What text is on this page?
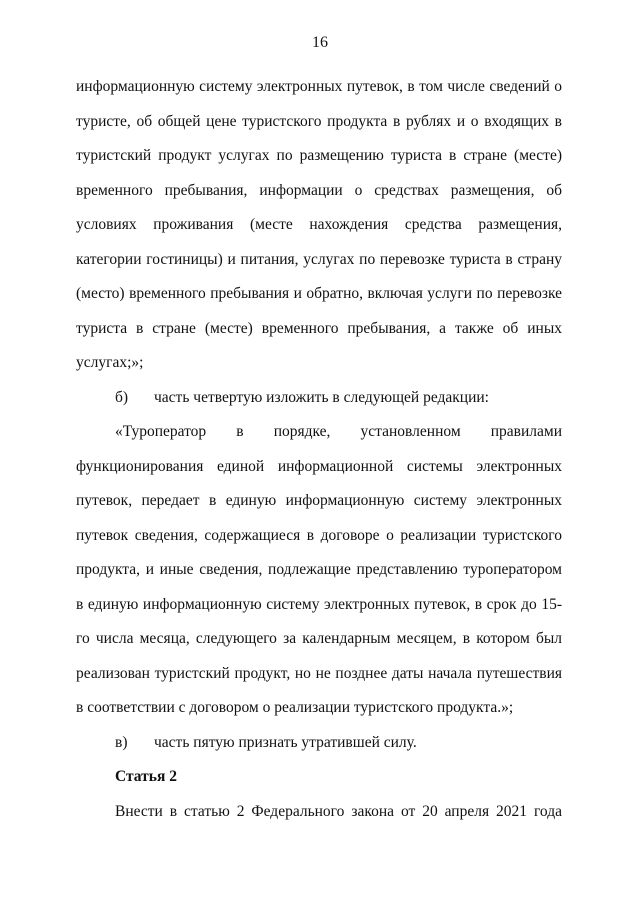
16

информационную систему электронных путевок, в том числе сведений о туристе, об общей цене туристского продукта в рублях и о входящих в туристский продукт услугах по размещению туриста в стране (месте) временного пребывания, информации о средствах размещения, об условиях проживания (месте нахождения средства размещения, категории гостиницы) и питания, услугах по перевозке туриста в страну (место) временного пребывания и обратно, включая услуги по перевозке туриста в стране (месте) временного пребывания, а также об иных услугах;»;

б)	часть четвертую изложить в следующей редакции:

«Туроператор в порядке, установленном правилами функционирования единой информационной системы электронных путевок, передает в единую информационную систему электронных путевок сведения, содержащиеся в договоре о реализации туристского продукта, и иные сведения, подлежащие представлению туроператором в единую информационную систему электронных путевок, в срок до 15-го числа месяца, следующего за календарным месяцем, в котором был реализован туристский продукт, но не позднее даты начала путешествия в соответствии с договором о реализации туристского продукта.»;

в)	часть пятую признать утратившей силу.

Статья 2

Внести в статью 2 Федерального закона от 20 апреля 2021 года
